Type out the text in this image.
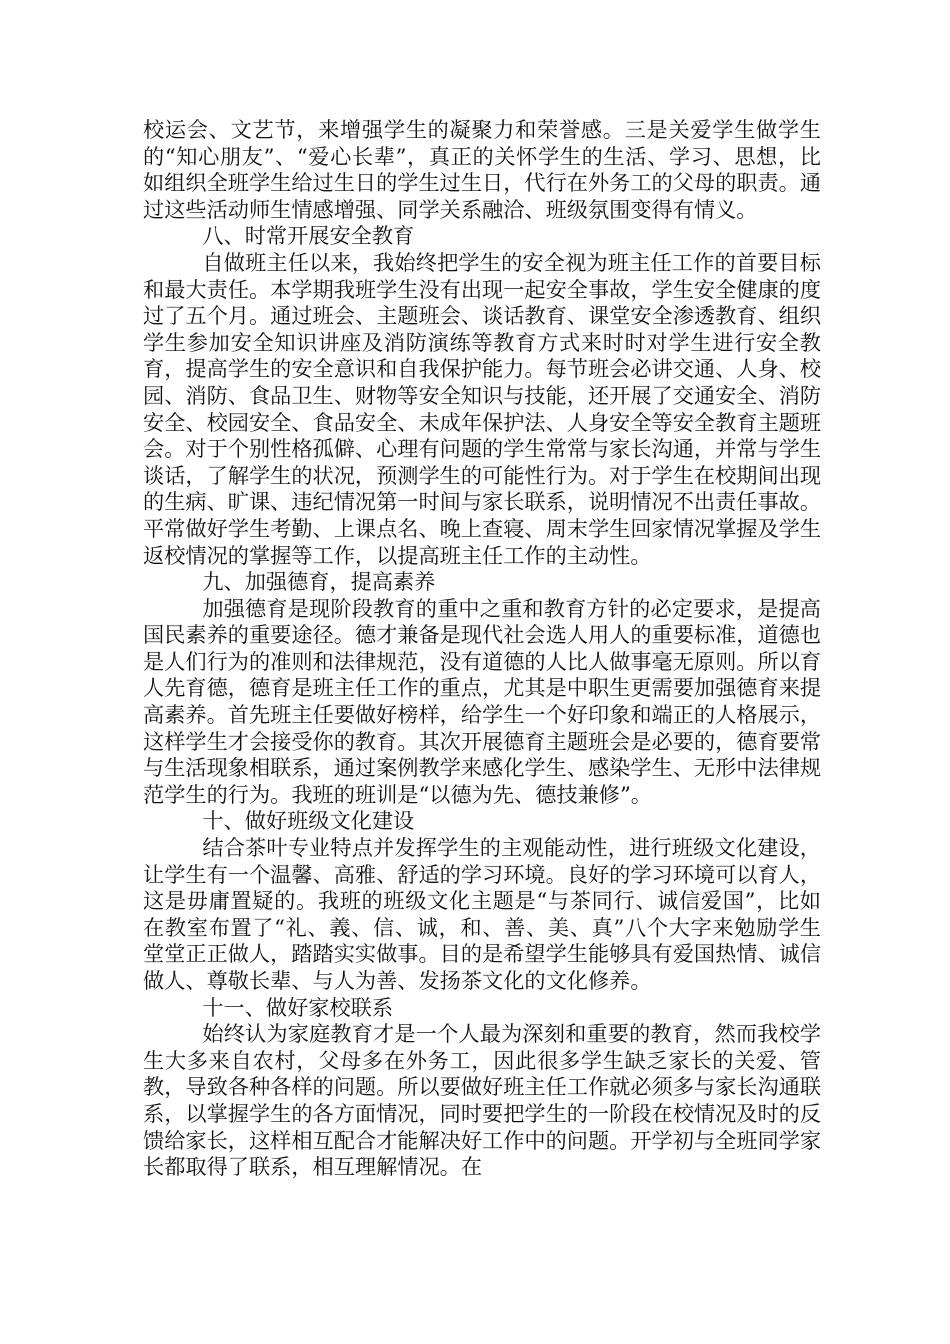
校运会、文艺节，来增强学生的凝聚力和荣誉感。三是关爱学生做学生的“知心朋友”、“爱心长辈”，真正的关怀学生的生活、学习、思想，比如组织全班学生给过生日的学生过生日，代行在外务工的父母的职责。通过这些活动师生情感增强、同学关系融洽、班级氛围变得有情义。

八、时常开展安全教育

自做班主任以来，我始终把学生的安全视为班主任工作的首要目标和最大责任。本学期我班学生没有出现一起安全事故，学生安全健康的度过了五个月。通过班会、主题班会、谈话教育、课堂安全渗透教育、组织学生参加安全知识讲座及消防演练等教育方式来时时对学生进行安全教育，提高学生的安全意识和自我保护能力。每节班会必讲交通、人身、校园、消防、食品卫生、财物等安全知识与技能，还开展了交通安全、消防安全、校园安全、食品安全、未成年保护法、人身安全等安全教育主题班会。对于个别性格孤僻、心理有问题的学生常常与家长沟通，并常与学生谈话，了解学生的状况，预测学生的可能性行为。对于学生在校期间出现的生病、旷课、违纪情况第一时间与家长联系，说明情况不出责任事故。平常做好学生考勤、上课点名、晚上查寝、周末学生回家情况掌握及学生返校情况的掌握等工作，以提高班主任工作的主动性。

九、加强德育，提高素养

加强德育是现阶段教育的重中之重和教育方针的必定要求，是提高国民素养的重要途径。德才兼备是现代社会选人用人的重要标准，道德也是人们行为的准则和法律规范，没有道德的人比人做事毫无原则。所以育人先育德，德育是班主任工作的重点，尤其是中职生更需要加强德育来提高素养。首先班主任要做好榜样，给学生一个好印象和端正的人格展示，这样学生才会接受你的教育。其次开展德育主题班会是必要的，德育要常与生活现象相联系，通过案例教学来感化学生、感染学生、无形中法律规范学生的行为。我班的班训是“以德为先、德技兼修”。

十、做好班级文化建设

结合茶叶专业特点并发挥学生的主观能动性，进行班级文化建设，让学生有一个温馨、高雅、舒适的学习环境。良好的学习环境可以育人，这是毋庸置疑的。我班的班级文化主题是“与茶同行、诚信爱国”，比如在教室布置了“礼、義、信、诚，和、善、美、真”八个大字来勉励学生堂堂正正做人，踏踏实实做事。目的是希望学生能够具有爱国热情、诚信做人、尊敬长辈、与人为善、发扬茶文化的文化修养。

十一、做好家校联系

始终认为家庭教育才是一个人最为深刻和重要的教育，然而我校学生大多来自农村，父母多在外务工，因此很多学生缺乏家长的关爱、管教，导致各种各样的问题。所以要做好班主任工作就必须多与家长沟通联系，以掌握学生的各方面情况，同时要把学生的一阶段在校情况及时的反馈给家长，这样相互配合才能解决好工作中的问题。开学初与全班同学家长都取得了联系，相互理解情况。在
